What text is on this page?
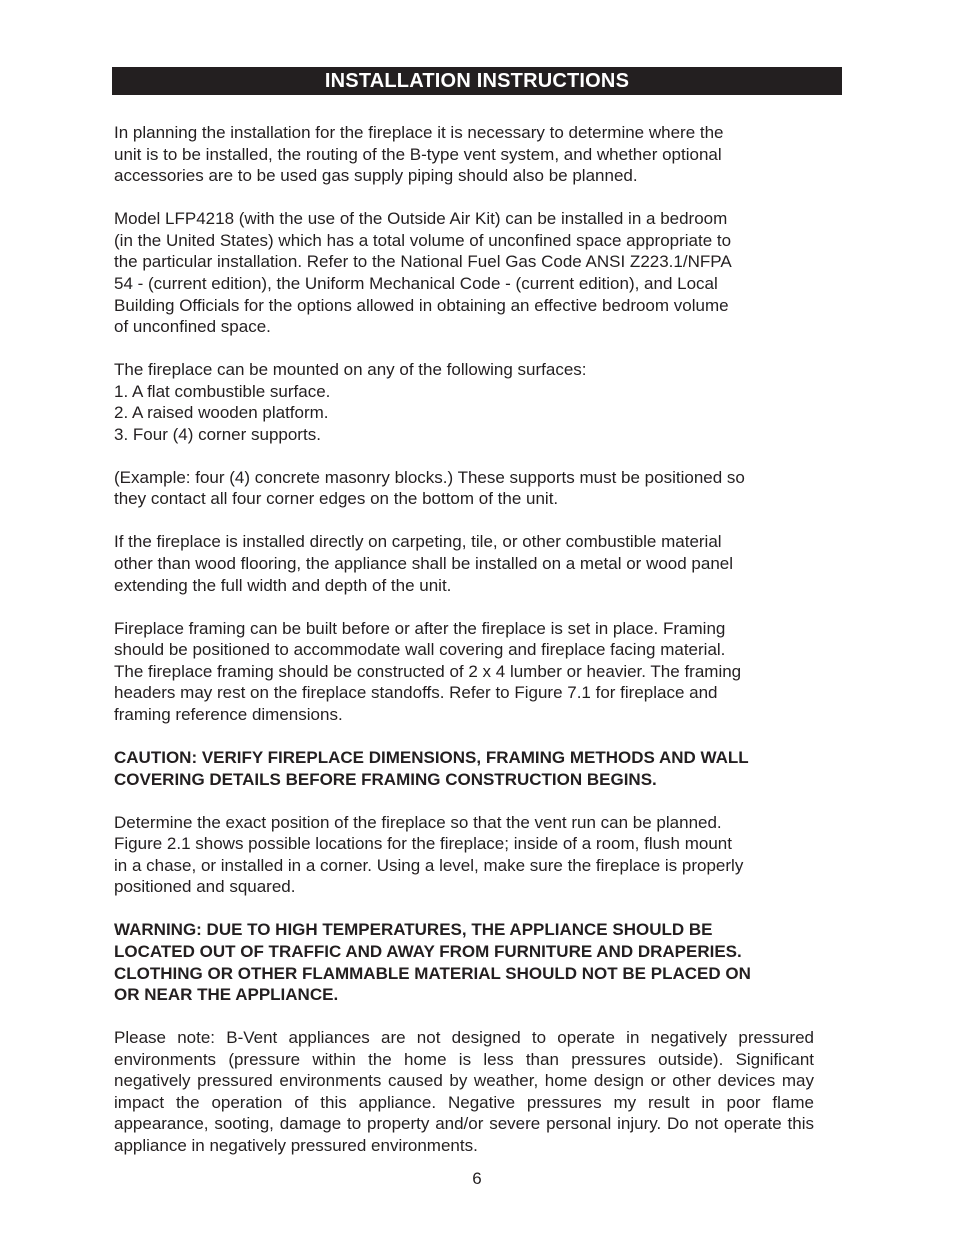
INSTALLATION INSTRUCTIONS

In planning the installation for the fireplace it is necessary to determine where the
unit is to be installed, the routing of the B-type vent system, and whether optional
accessories are to be used gas supply piping should also be planned.

Model LFP4218 (with the use of the Outside Air Kit) can be installed in a bedroom
(in the United States) which has a total volume of unconfined space appropriate to
the particular installation. Refer to the National Fuel Gas Code ANSI Z223.1/NFPA
54 - (current edition), the Uniform Mechanical Code - (current edition), and Local
Building Officials for the options allowed in obtaining an effective bedroom volume
of unconfined space.

The fireplace can be mounted on any of the following surfaces:
1. A flat combustible surface.
2. A raised wooden platform.
3. Four (4) corner supports.

(Example: four (4) concrete masonry blocks.) These supports must be positioned so
they contact all four corner edges on the bottom of the unit.

If the fireplace is installed directly on carpeting, tile, or other combustible material
other than wood flooring, the appliance shall be installed on a metal or wood panel
extending the full width and depth of the unit.

Fireplace framing can be built before or after the fireplace is set in place. Framing
should be positioned to accommodate wall covering and fireplace facing material.
The fireplace framing should be constructed of 2 x 4 lumber or heavier. The framing
headers may rest on the fireplace standoffs. Refer to Figure 7.1 for fireplace and
framing reference dimensions.

CAUTION: VERIFY FIREPLACE DIMENSIONS, FRAMING METHODS AND WALL
COVERING DETAILS BEFORE FRAMING CONSTRUCTION BEGINS.

Determine the exact position of the fireplace so that the vent run can be planned.
Figure 2.1 shows possible locations for the fireplace; inside of a room, flush mount
in a chase, or installed in a corner. Using a level, make sure the fireplace is properly
positioned and squared.

WARNING: DUE TO HIGH TEMPERATURES, THE APPLIANCE SHOULD BE
LOCATED OUT OF TRAFFIC AND AWAY FROM FURNITURE AND DRAPERIES.
CLOTHING OR OTHER FLAMMABLE MATERIAL SHOULD NOT BE PLACED ON
OR NEAR THE APPLIANCE.

Please note: B-Vent appliances are not designed to operate in negatively pressured environments (pressure within the home is less than pressures outside). Significant negatively pressured environments caused by weather, home design or other devices may impact the operation of this appliance. Negative pressures my result in poor flame appearance, sooting, damage to property and/or severe personal injury. Do not operate this appliance in negatively pressured environments.

6
